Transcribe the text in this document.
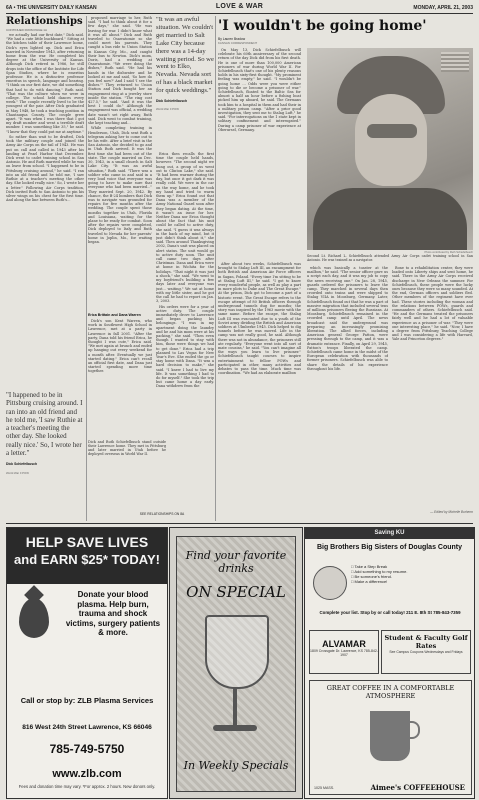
6A • THE UNIVERSITY DAILY KANSAN	LOVE & WAR	MONDAY, APRIL 21, 2003
Relationships
CONTINUED FROM PAGE 1A

we actually had our first date," Dick said. "We had a cute little buckboard." Sitting at the kitchen table of their Lawrence home, Dick's eyes lighted up. Dick and Erica married in November 1943, after returning home from the war. He completed his degree at the University of Kansas. Although Dick retired in 1986, he still drops into the office of the Institute for Life Span Studies, where he is emeritus professor. He is a distinctive professor emeritus in speech, language and hearing. "I think on our first date, we did something that had to do with dancing," Ruth said. "That was the culture when we were in college. The school held dances every week." The couple recently lived to be the youngest of the pair. After Dick graduated in May 1948, he took a teaching position in Chautauqua County. The couple grew apart. "It was when I was there that I got my draft number and went a terrible draft number. I was something like 35," he said. "I knew that they could put me at anytime."

So rather than wait to be drafted, Dick took the military couple and joined the Army Air Corps on the tail of 1943. He was put on call and called in 1943 after his landing at Pearl Harbor that December. Dick went to cadet training school in San Antonio. He and Ruth married while he was on leave from school. "I happened to be in Pittsburg cruising around," he said. "I ran into an old friend and he told me, 'I saw Ruthie at a teacher's meeting the other day. She looked really nice.' So, I wrote her a letter." Following Air Corps tradition, Dick invited Ruth to San Antonio to pin his silver wings on his chest for the first time. And along the line between Ruth's...

"I happened to be in Pittsburg cruising around. I ran into an old friend and he told me, 'I saw Ruthie at a teacher's meeting the other day. She looked really nice.' So, I wrote her a letter."
Dick Schiefelbusch
World War II POW

proposed marriage to her, Ruth said. "I had to think about it for a few days," she said. "He was leaving for war. I didn't know what it was all about." Dick and Ruth traveled to Osawatomie so she could meet his parents. They caught a bus ride to Union Station in Kansas City, Mo., and caught their bus to Newton. Dick's mom, Doris, had a wedding at Osawatomie. "We were doing the dishes," Ruth said. "He had his hands in the dishwater and he looked at me and said, 'So how do you feel now?' And I said 'I see the dishes.'" They returned to Union Station and Dick bought her an engagement ring at a jewelry store inside the station. "The ring cost $27.5," he said. "And it was the best I could do." Although the engagement was official, a wedding date wasn't set right away, Ruth said. Dick went to combat training, she kept teaching and...

While completing training in Henderson, Utah, Dick sent Ruth a telegram asking her to come out to be his wife. After a brief visit in the San Antonio, she decided to go and in Utah Ruth arrived. It was the first time she had been out of the state. The couple married on Dec. 30, 1943, in a small church in Salt Lake City. "It was an awful situation," Ruth said. "There was a soldier who came in and said in a very loud voice that everyone was going to have to make sure that everyone who had been married..." They married Sept. 20, 1942. By chance, the B-24 bombers that Dick was to navigate was grounded for repairs for five months after the wedding. The couple spent those months together in Utah, Florida and Louisiana, waiting for the plane to be ready for combat. Soon after the repairs were completed, Dick deployed to Italy and Ruth traveled to Nevada for her parents' home in Joplin, Mo., for waiting began.

Erica Brittain and Dana Warren

Dick's son Kent Warren, who work in Southwest High School in Lawrence, met at a party in Lawrence in fall 2001. "After the party, Dana told his friend Erica, he thought I was cute," Erica said. "We met again at brunch and ended up hanging out every weekend for a month after. Eventually we just started dating." Erica can't recall an official first date, and Dana just started spending more time together.

Dick and Ruth Schiefelbusch stand outside their Lawrence home. They met in Pittsburg and later married in Utah before he deployed overseas in World War II.
"It was an awful situation. We couldn't get married to Salt Lake City because there was a 14-day waiting period. So we went to Elko, Nevada. Nevada sort of has a black market for quick weddings."
Dick Schiefelbusch
World War II POW

Erica then recalls the first time the couple held hands, however. "The second night we hung out, a group of us went out to Clinton Lake," she said. "It had been warmer during the day, but once it got dark it was really cold. We were in the car on the way home, and he took my hand and tried to warm them up." Erica found out that Dana was a member of the Army National Guard soon after they began dating. At the time, it wasn't an issue for her. Neither Dana nor Erica thought about the fact that his unit could be called to active duty, she said. "I guess it was always in the back of my mind, but it just didn't think about it," she said. Then around Thanksgiving 2002, Dana's unit was placed on alert status. The unit would go to active duty soon. The unit call came two days after Christmas. Dana and Erica were at home in Wichita for the holidays. "That night it was just a shock," she said. "We went to my boyfriend's building a few days later and everyone was just... waiting." We sat at home with my little sister, and he got the call he had to report on Jan. 3, 2003.

His orders were for a year of active duty. The couple immediately drove to Lawrence and began packing his belongings. "I was in my apartment doing the laundry and he and his mom were at his packing," she said. "Then even though I wanted to stay with him, those were things we had to get done." Erica had a trip planned to Las Vegas for New Year's Eve. She ended the go or stay home with Dana. "It was a hard decision to make," she said. "I knew I had to live my life. It was something I had to do for myself." She took the trip but came home a day early. Dana withdrew from the

SEE RELATIONSHIPS ON 8A
'I wouldn't be going home'
By Lauren Bradow
KANSAN CORRESPONDENT

On May 13, Dick Schiefelbusch will celebrate his 60th anniversary of the second return of the day Dick did from his first death. He is one of more than 100,000 American prisoners of war during World War II. For Schiefelbusch that's one of his plenty reasons holds in his sixty-first thought. "My prominent feeling was empty," he said. "I wouldn't be going home ... Odds were you were either going to die or become a prisoner of war." Schiefelbusch, floated to the Baltic Sea for almost a half an hour before a fishing boat picked him up aboard, he said. The Germans took him to a hospital in them and had their in a military prison camp. "After a prior good investigation, they sent me to Stalag Luft," he said. "For interrogations on the 1 state kept in solitary confinement and interrogated." During a camp prisoner of war experience at Oberursel, Germany.

Photo contributed by Ruth Schiefelbusch
Second Lt. Richard L. Schiefelbusch attended Army Air Corps cadet training school in San Antonio. He was trained as a navigator.

After about two weeks, Schiefelbusch was brought to Stalag Luft III, an encampment for both British and American Air Force officers in Sagan, Poland. "Every time I'm sitting to be at Stalag Luft III," he said. "I got to know every wonderful people, as well as play a part in more plots to Duke and The Great Escape." At the prison, Dick got to become a part of a historic event. The Great Escape refers to the escape attempt of 80 British officers through underground tunnels dug for months; the story was inspired by the 1963 movie with the same name. Before the escape, the Stalag Luft III was evacuated due to a youth of the Soviet army dividing the British and American soldiers at Ulmberke 1945. Dick helped to dig tunnels before he was moved. Life in the camp was not really good, he said. Although there was not in abundance, the prisoners still ate regularly. "Everyone went into all sort of mate cousins," he said. "You can't imagine all the ways you learn to live prisoner." Schiefelbusch taught courses to inspire entertainment to fellow POWs and participated in other, many activities and debates to pass the time. Much time was coordination. "We had an elaborate mailbox

which was basically a toaster at the mailbox," he said. "The senior officer gave us a script each day, and it was my job to copy the news receiving one." On Jan. 28, 1945, guards ordered the prisoners to leave the camp. They marched in several days then crowded onto trains and were shipped to Stalag VIIA in Moosburg, Germany. Later, Schiefelbusch found out that he was a part of massive migration that included several tens of millions prisoners fleeing the Russians. At Moosburg, Schiefelbusch remained in the crowded camp until April. The news broadcast said the underground was preparing an increasingly promising liberation. The allied forces, including American general George Patton, were pressing through to the camp, and it was a dramatic entrance. Finally, on April 29, 1945, Patton's troops liberated the camp. Schiefelbusch came home in the midst of the European celebration with thousands of former prisoners. Schiefelbusch was able to share the details of his experience throughout his life.

Bone to a rehabilitation center, they were loaded onto Liberty ships and sent home, he said. There in the Army Air Corps received discharge in New Orleans the summer. For Schiefelbusch, these people were the lucky ones because they were so many sounded. At the end, German officers and soldiers fled. Other members of the regiment have ever had. These stories including the woman and the relations between POWs, guards and commanders of others. Schiefelbusch said. "He and the Germans treated the prisoners fairly well and he had a lot of valuable experience as a prisoner of war. "They were one interesting place," he said. "Now, I have a degree from Pittsburg Teaching College and I was considering a life with Harvard, Yale and Princeton degrees."

— Edited by Michelle Burhenn
HELP SAVE LIVES
and EARN $25* TODAY!
Donate your blood plasma. Help burn, trauma and shock victims, surgery patients & more.
Call or stop by: ZLB Plasma Services
816 West 24th Street Lawrence, KS 66046
785-749-5750
www.zlb.com
Fees and donation time may vary. *For approx. 2 hours. New donors only.
Find your favorite drinks
ON SPECIAL
In Weekly Specials
Saving KU
Big Brothers Big Sisters of Douglas County
□ Take a Step Break
□ Add something to my resume.
□ Be someone's friend.
□ Make a difference!
Complete your list. Stop by or call today! 211 E. 8th St 785-843-7359
ALVAMAR
1809 Crossgate Dr. Lawrence, KS 785-842-1907
Student & Faculty Golf Rates
See Campus Coupons Wednesdays and Fridays
GREAT COFFEE IN A COMFORTABLE ATMOSPHERE
1025 MASS.	Aimee's COFFEEHOUSE
